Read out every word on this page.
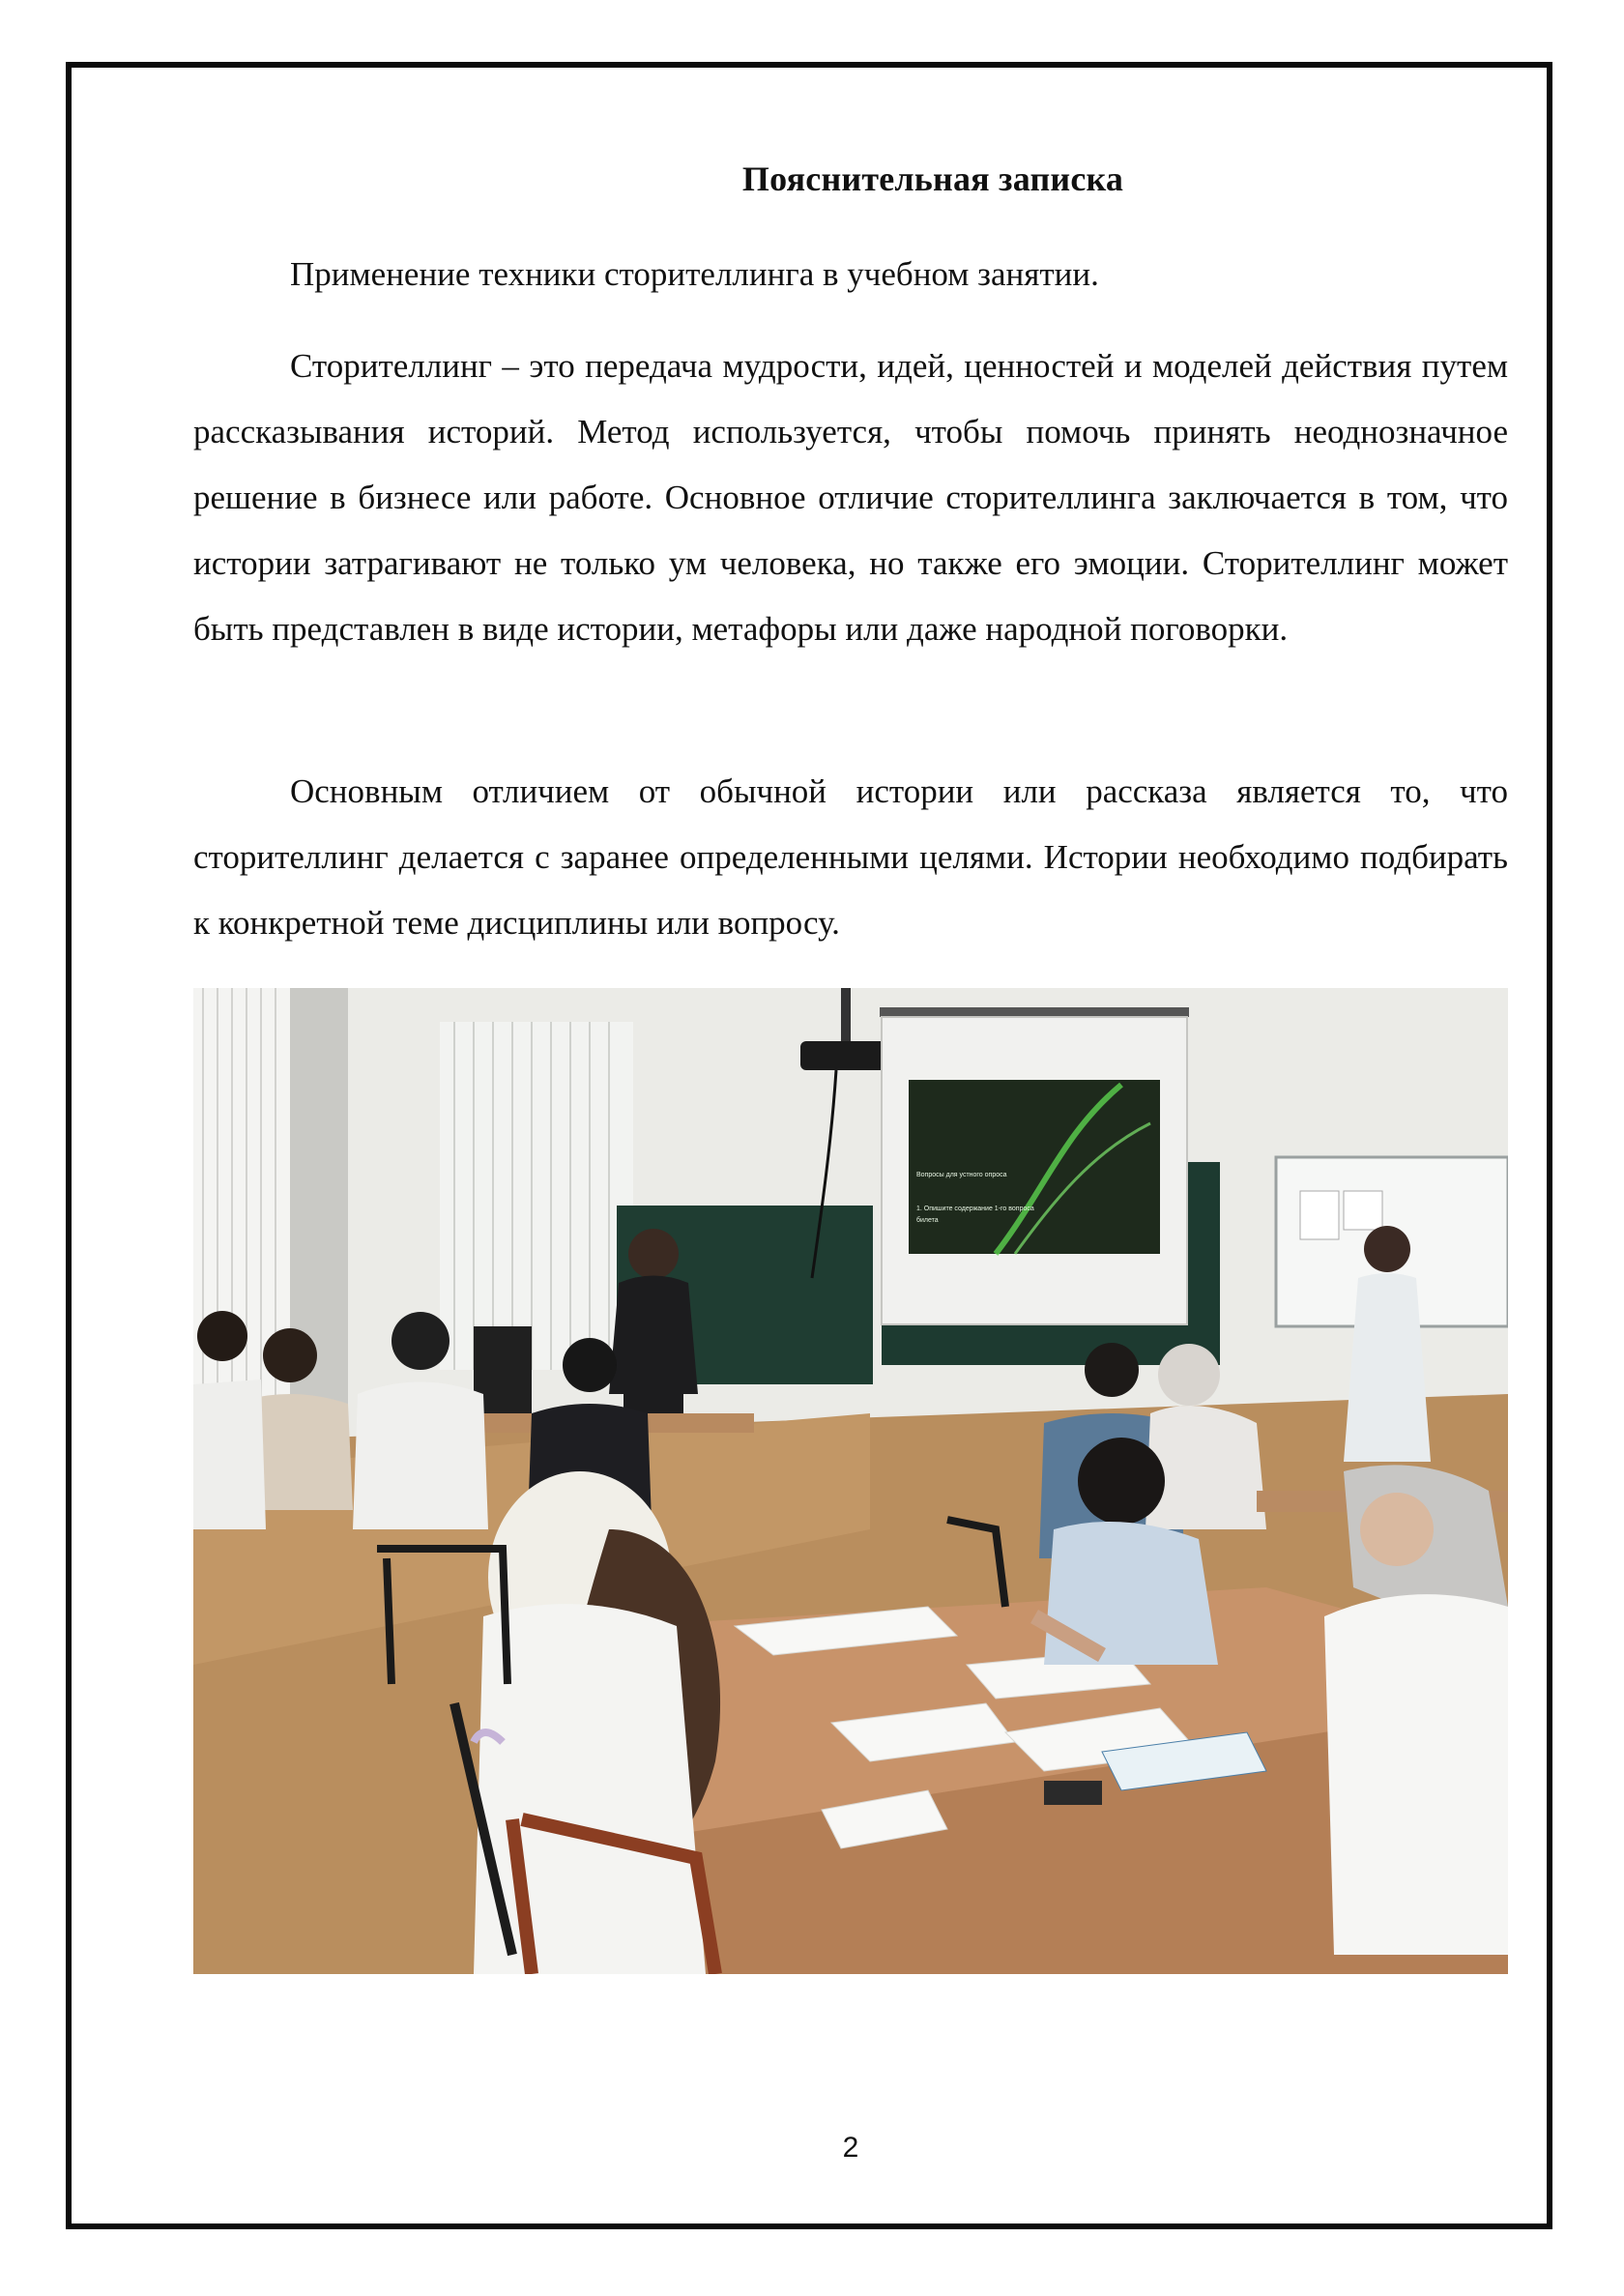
Пояснительная записка

Применение техники сторителлинга в учебном занятии.

Сторителлинг – это передача мудрости, идей, ценностей и моделей действия путем рассказывания историй. Метод используется, чтобы помочь принять неоднозначное решение в бизнесе или работе. Основное отличие сторителлинга заключается в том, что истории затрагивают не только ум человека, но также его эмоции. Сторителлинг может быть представлен в виде истории, метафоры или даже народной поговорки.

Основным отличием от обычной истории или рассказа является то, что сторителлинг делается с заранее определенными целями. Истории необходимо подбирать к конкретной теме дисциплины или вопросу.

Вопросы для устного опроса
1. Опишите содержание 1-го вопроса
билета
2
